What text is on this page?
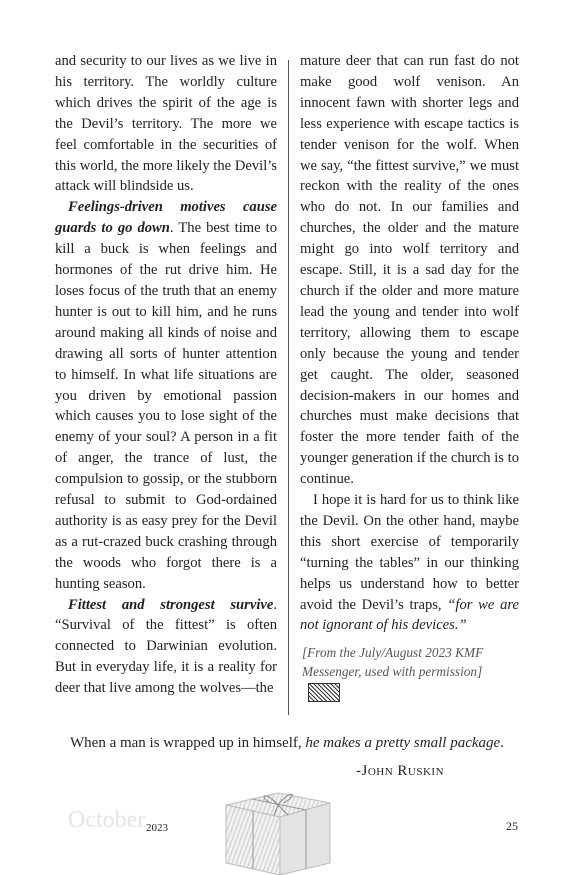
and security to our lives as we live in his territory. The worldly culture which drives the spirit of the age is the Devil’s territory. The more we feel comfortable in the securities of this world, the more likely the Devil’s attack will blindside us.

Feelings-driven motives cause guards to go down. The best time to kill a buck is when feelings and hormones of the rut drive him. He loses focus of the truth that an enemy hunter is out to kill him, and he runs around making all kinds of noise and drawing all sorts of hunter attention to himself. In what life situations are you driven by emotional passion which causes you to lose sight of the enemy of your soul? A person in a fit of anger, the trance of lust, the compulsion to gossip, or the stubborn refusal to submit to God-ordained authority is as easy prey for the Devil as a rut-crazed buck crashing through the woods who forgot there is a hunting season.

Fittest and strongest survive. “Survival of the fittest” is often connected to Darwinian evolution. But in everyday life, it is a reality for deer that live among the wolves—the

mature deer that can run fast do not make good wolf venison. An innocent fawn with shorter legs and less experience with escape tactics is tender venison for the wolf. When we say, “the fittest survive,” we must reckon with the reality of the ones who do not. In our families and churches, the older and the mature might go into wolf territory and escape. Still, it is a sad day for the church if the older and more mature lead the young and tender into wolf territory, allowing them to escape only because the young and tender get caught. The older, seasoned decision-makers in our homes and churches must make decisions that foster the more tender faith of the younger generation if the church is to continue.

I hope it is hard for us to think like the Devil. On the other hand, maybe this short exercise of temporarily “turning the tables” in our thinking helps us understand how to better avoid the Devil’s traps, “for we are not ignorant of his devices.”

[From the July/August 2023 KMF Messenger, used with permission]

When a man is wrapped up in himself, he makes a pretty small package.
-John Ruskin
October 2023	25
